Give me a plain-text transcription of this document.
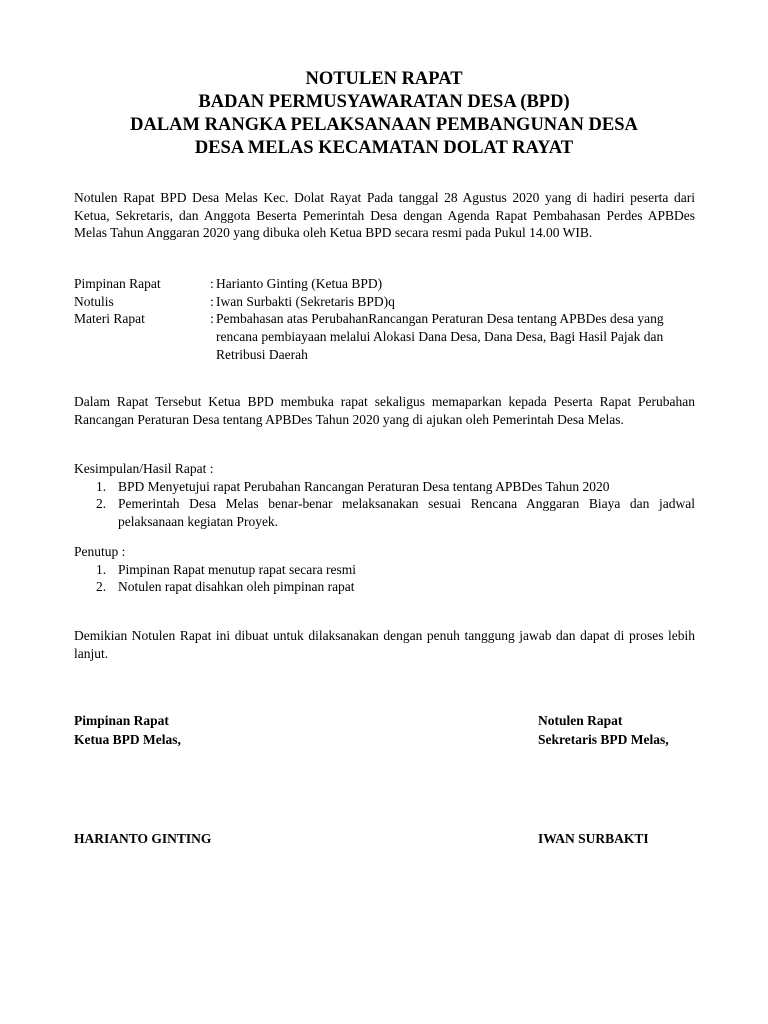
NOTULEN RAPAT
BADAN PERMUSYAWARATAN DESA (BPD)
DALAM RANGKA PELAKSANAAN PEMBANGUNAN DESA
DESA MELAS KECAMATAN DOLAT RAYAT
Notulen Rapat BPD Desa Melas Kec. Dolat Rayat Pada tanggal 28 Agustus 2020 yang di hadiri peserta dari Ketua, Sekretaris, dan Anggota Beserta Pemerintah Desa dengan Agenda Rapat Pembahasan Perdes APBDes Melas Tahun Anggaran 2020 yang dibuka oleh Ketua BPD secara resmi pada Pukul 14.00 WIB.
Pimpinan Rapat	: Harianto Ginting (Ketua BPD)
Notulis	: Iwan Surbakti (Sekretaris BPD)q
Materi Rapat	: Pembahasan atas PerubahanRancangan Peraturan Desa tentang APBDes desa yang rencana pembiayaan melalui Alokasi Dana Desa, Dana Desa, Bagi Hasil Pajak dan Retribusi Daerah
Dalam Rapat Tersebut Ketua BPD membuka rapat sekaligus memaparkan kepada Peserta Rapat Perubahan Rancangan Peraturan Desa tentang APBDes Tahun 2020 yang di ajukan oleh Pemerintah Desa Melas.
Kesimpulan/Hasil Rapat :
1. BPD Menyetujui rapat Perubahan Rancangan Peraturan Desa tentang APBDes Tahun 2020
2. Pemerintah Desa Melas benar-benar melaksanakan sesuai Rencana Anggaran Biaya dan jadwal pelaksanaan kegiatan Proyek.
Penutup :
1. Pimpinan Rapat menutup rapat secara resmi
2. Notulen rapat disahkan oleh pimpinan rapat
Demikian Notulen Rapat ini dibuat untuk dilaksanakan dengan penuh tanggung jawab dan dapat di proses lebih lanjut.
Pimpinan Rapat
Ketua BPD Melas,
Notulen Rapat
Sekretaris BPD Melas,
HARIANTO GINTING	IWAN SURBAKTI
